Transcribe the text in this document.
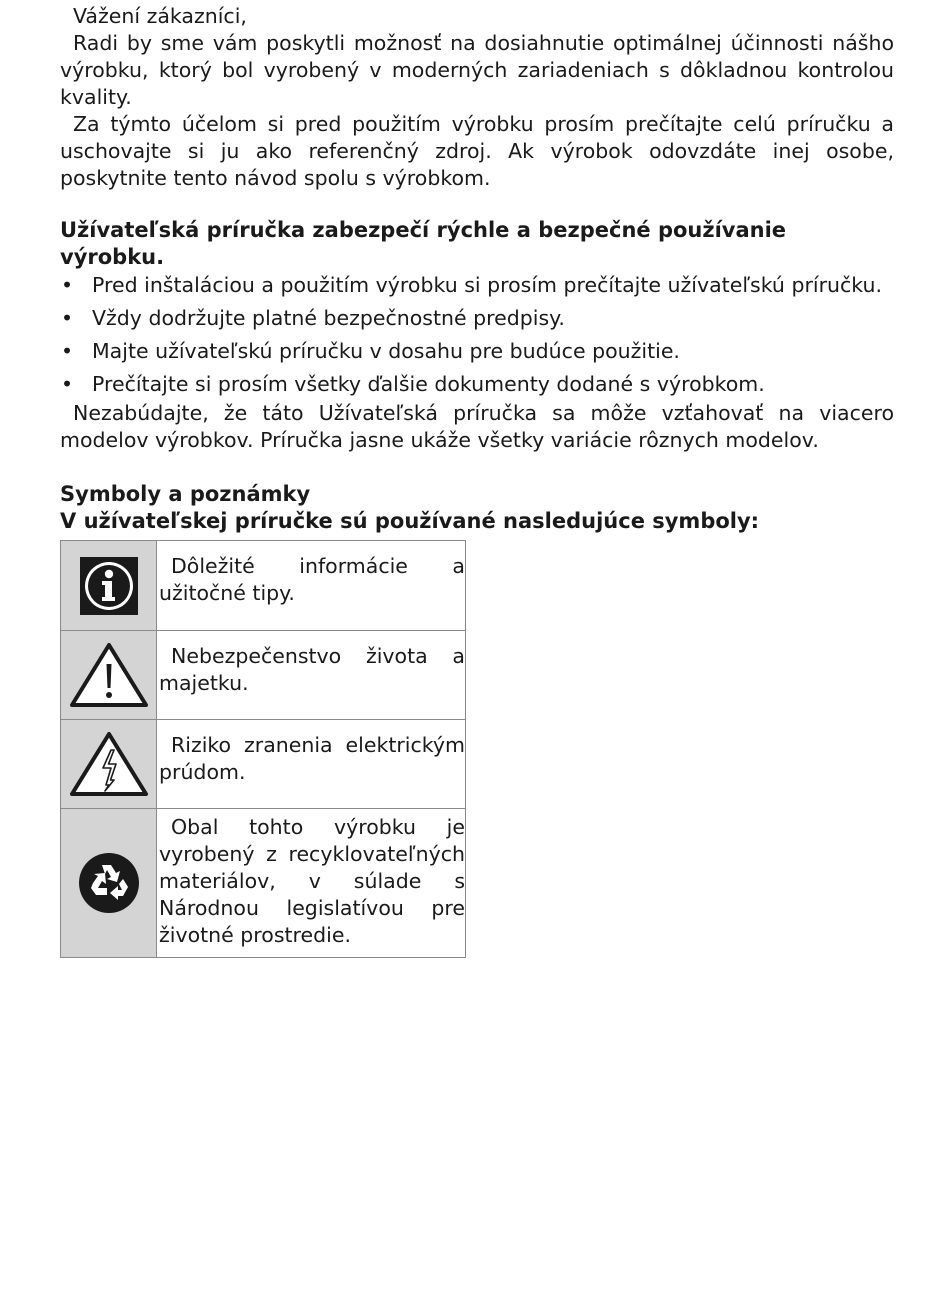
Vážení zákazníci,

Radi by sme vám poskytli možnosť na dosiahnutie optimálnej účinnosti nášho výrobku, ktorý bol vyrobený v moderných zariadeniach s dôkladnou kontrolou kvality.

Za týmto účelom si pred použitím výrobku prosím prečítajte celú príručku a uschovajte si ju ako referenčný zdroj. Ak výrobok odovzdáte inej osobe, poskytnite tento návod spolu s výrobkom.

Užívateľská príručka zabezpečí rýchle a bezpečné používanie výrobku.

• Pred inštaláciou a použitím výrobku si prosím prečítajte užívateľskú príručku.
• Vždy dodržujte platné bezpečnostné predpisy.
• Majte užívateľskú príručku v dosahu pre budúce použitie.
• Prečítajte si prosím všetky ďalšie dokumenty dodané s výrobkom.

Nezabúdajte, že táto Užívateľská príručka sa môže vzťahovať na viacero modelov výrobkov. Príručka jasne ukáže všetky variácie rôznych modelov.

Symboly a poznámky

V užívateľskej príručke sú používané nasledujúce symboly:

Dôležité informácie a užitočné tipy.

Nebezpečenstvo života a majetku.

Riziko zranenia elektrickým prúdom.

Obal tohto výrobku je vyrobený z recyklovateľných materiálov, v súlade s Národnou legislatívou pre životné prostredie.
